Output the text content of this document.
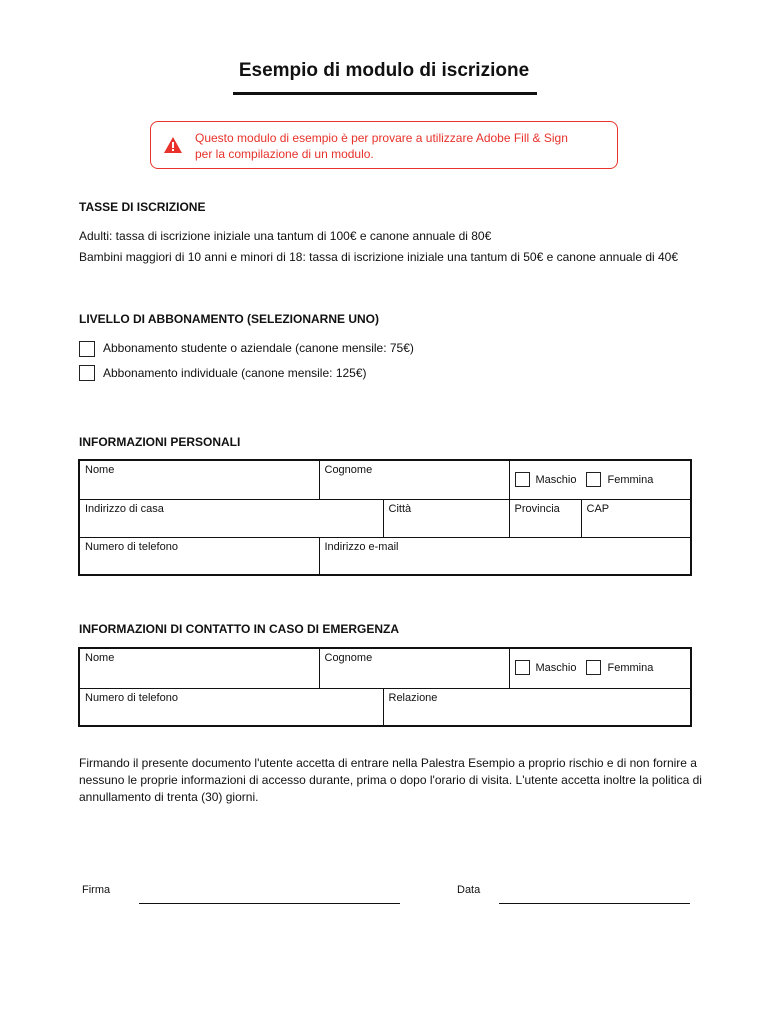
Esempio di modulo di iscrizione
Questo modulo di esempio è per provare a utilizzare Adobe Fill & Sign
per la compilazione di un modulo.
TASSE DI ISCRIZIONE
Adulti: tassa di iscrizione iniziale una tantum di 100€ e canone annuale di 80€
Bambini maggiori di 10 anni e minori di 18: tassa di iscrizione iniziale una tantum di 50€ e canone annuale di 40€
LIVELLO DI ABBONAMENTO (SELEZIONARNE UNO)
Abbonamento studente o aziendale (canone mensile: 75€)
Abbonamento individuale (canone mensile: 125€)
INFORMAZIONI PERSONALI
Nome	Cognome		Maschio Femmina	

Indirizzo di casa		Città	Provincia	CAP
Numero di telefono	Indirizzo e-mail			
INFORMAZIONI DI CONTATTO IN CASO DI EMERGENZA
Nome	Cognome		Maschio Femmina

Numero di telefono		Relazione	
Firmando il presente documento l'utente accetta di entrare nella Palestra Esempio a proprio rischio e di non fornire a nessuno le proprie informazioni di accesso durante, prima o dopo l'orario di visita. L'utente accetta inoltre la politica di annullamento di trenta (30) giorni.
Firma	Data
